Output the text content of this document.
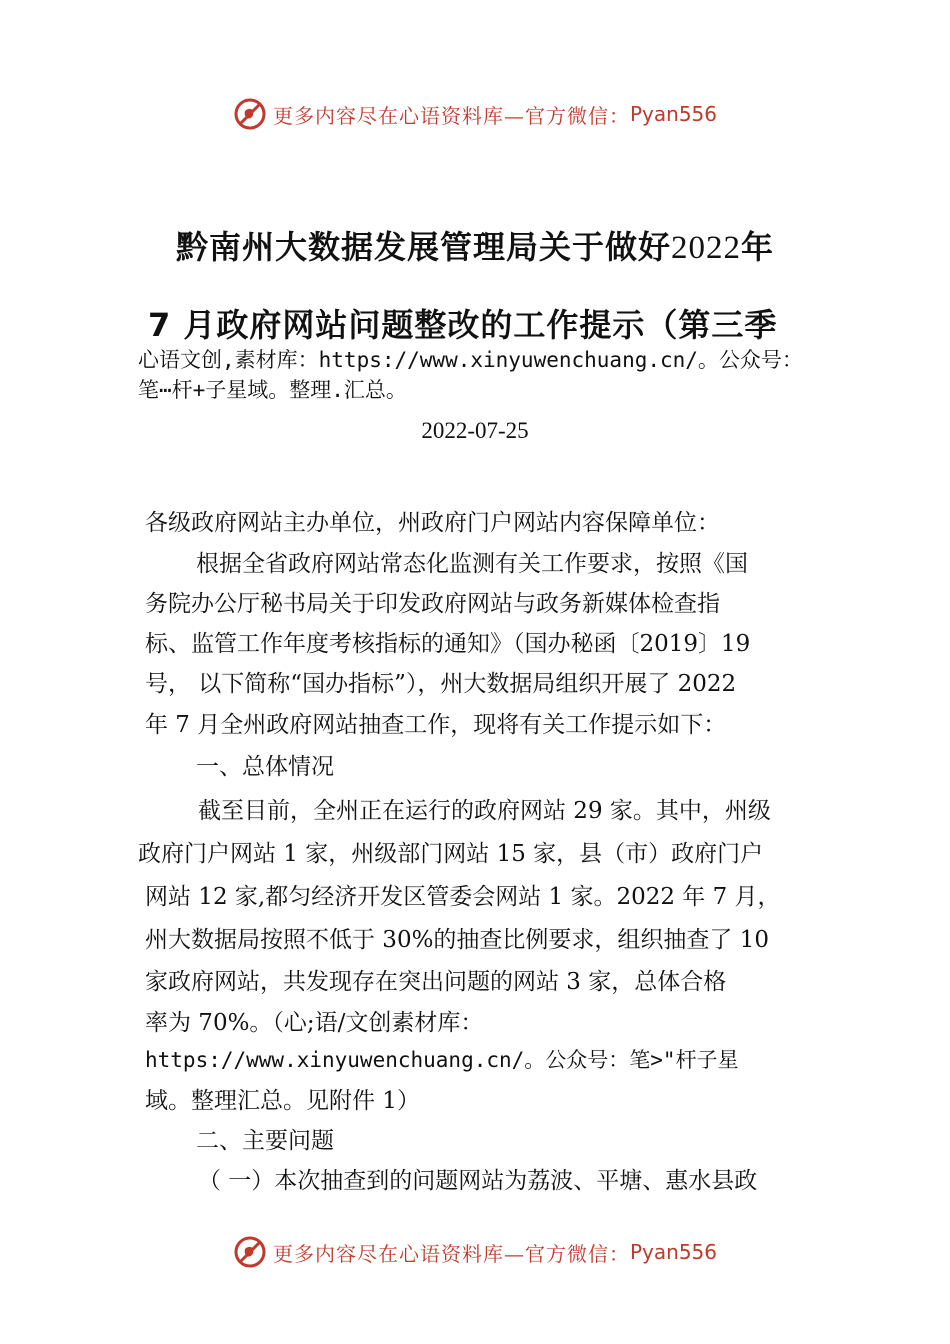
更多内容尽在心语资料库—官方微信： Pyan556
黔南州大数据发展管理局关于做好2022年
7 月政府网站问题整改的工作提示（第三季
心语文创,素材库：https://www.xinyuwenchuang.cn/。公众号：
笔⋯杆+子星域。整理.汇总。
2022-07-25
各级政府网站主办单位，州政府门户网站内容保障单位：
根据全省政府网站常态化监测有关工作要求，按照《国
务院办公厅秘书局关于印发政府网站与政务新媒体检查指
标、监管工作年度考核指标的通知》（国办秘函〔2019〕19
号， 以下简称“国办指标”），州大数据局组织开展了 2022
年 7 月全州政府网站抽查工作，现将有关工作提示如下：
一、总体情况
截至目前，全州正在运行的政府网站 29 家。其中，州级
政府门户网站 1 家，州级部门网站 15 家，县（市）政府门户
网站 12 家,都匀经济开发区管委会网站 1 家。2022 年 7 月，
州大数据局按照不低于 30%的抽查比例要求，组织抽查了 10
家政府网站，共发现存在突出问题的网站 3 家，总体合格
率为 70%。（心;语/文创素材库：
https://www.xinyuwenchuang.cn/。公众号：笔>"杆子星
域。整理汇总。见附件 1）
二、主要问题
（ 一）本次抽查到的问题网站为荔波、平塘、惠水县政
更多内容尽在心语资料库—官方微信： Pyan556
